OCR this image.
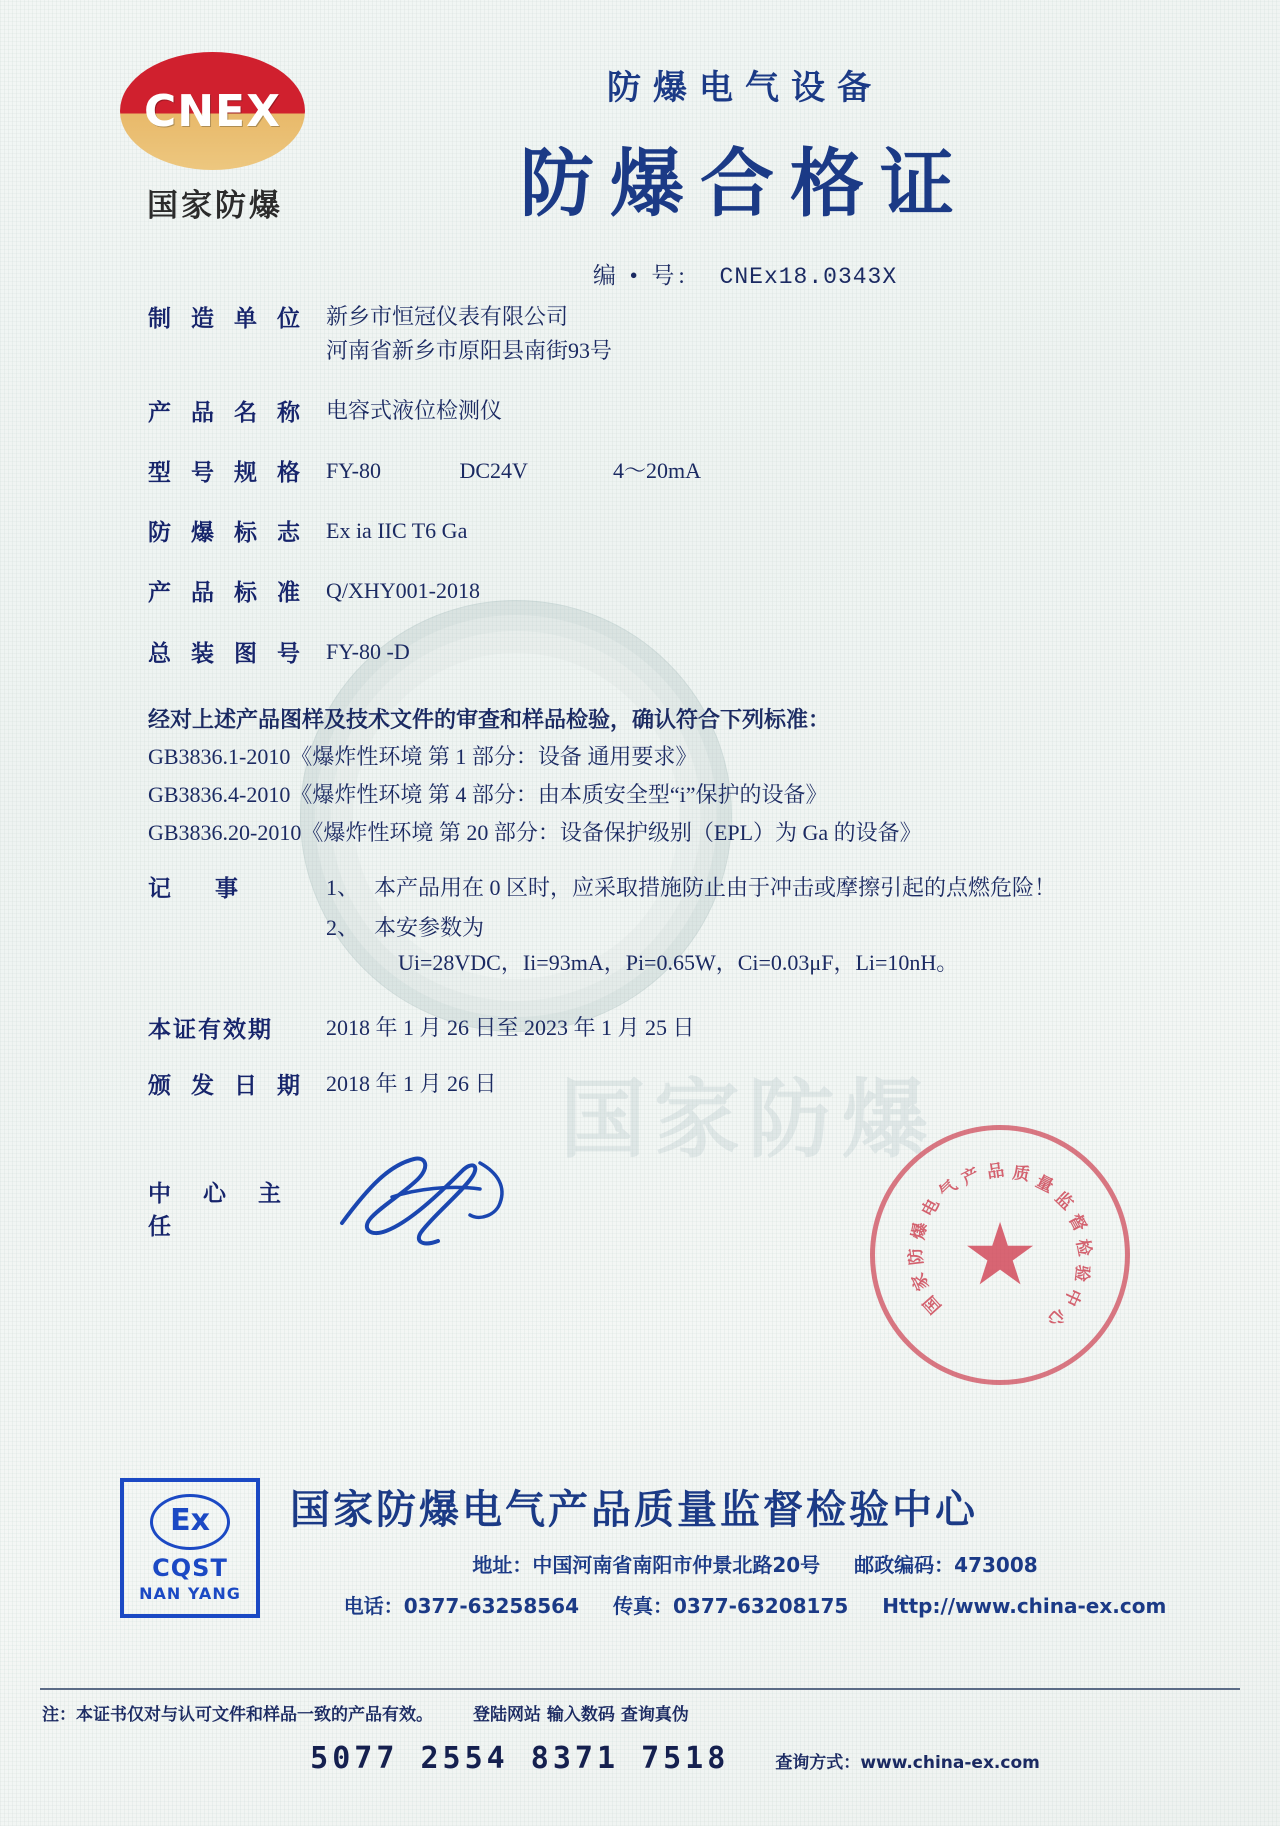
国家防爆
CNEX
国家防爆
防爆电气设备
防爆合格证
编 • 号: CNEx18.0343X
制 造 单 位 新乡市恒冠仪表有限公司
河南省新乡市原阳县南街93号
产 品 名 称 电容式液位检测仪
型 号 规 格 FY-80	DC24V	4～20mA
防 爆 标 志 Ex ia IIC T6 Ga
产 品 标 准 Q/XHY001-2018
总 装 图 号 FY-80 -D
经对上述产品图样及技术文件的审查和样品检验，确认符合下列标准：
GB3836.1-2010《爆炸性环境 第 1 部分：设备 通用要求》
GB3836.4-2010《爆炸性环境 第 4 部分：由本质安全型“i”保护的设备》
GB3836.20-2010《爆炸性环境 第 20 部分：设备保护级别（EPL）为 Ga 的设备》
记 事	1、 本产品用在 0 区时，应采取措施防止由于冲击或摩擦引起的点燃危险！
2、 本安参数为
Ui=28VDC，Ii=93mA，Pi=0.65W，Ci=0.03μF，Li=10nH。
本证有效期	2018 年 1 月 26 日至 2023 年 1 月 25 日
颁 发 日 期 2018 年 1 月 26 日
中 心 主 任	★
国
家
防
爆
电
气
产 品 质 量
监
督
检
验
中
心
Ex
CQST
NAN YANG
国家防爆电气产品质量监督检验中心
地址：中国河南省南阳市仲景北路20号 邮政编码：473008
电话：0377-63258564 传真：0377-63208175 Http://www.china-ex.com
注：本证书仅对与认可文件和样品一致的产品有效。 登陆网站 输入数码 查询真伪
5077 2554 8371 7518	查询方式：www.china-ex.com
